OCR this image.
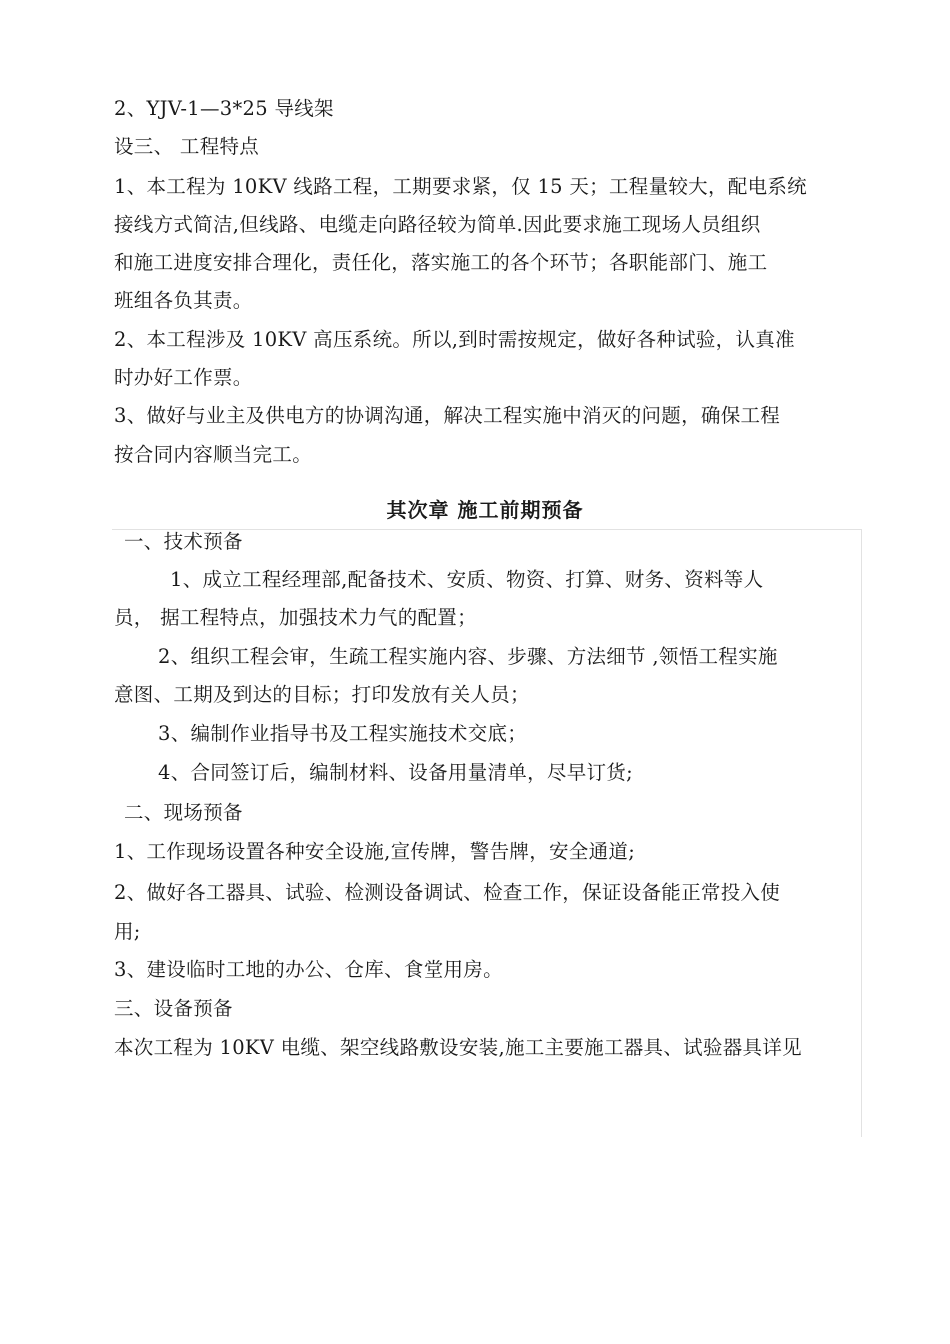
2、YJV-1—3*25 导线架
设三、 工程特点
1、本工程为 10KV 线路工程，工期要求紧，仅 15 天；工程量较大，配电系统
接线方式简洁,但线路、电缆走向路径较为简单.因此要求施工现场人员组织
和施工进度安排合理化，责任化，落实施工的各个环节；各职能部门、施工
班组各负其责。
2、本工程涉及 10KV 高压系统。所以,到时需按规定，做好各种试验，认真准
时办好工作票。
3、做好与业主及供电方的协调沟通，解决工程实施中消灭的问题，确保工程
按合同内容顺当完工。
其次章 施工前期预备
一、技术预备
1、成立工程经理部,配备技术、安质、物资、打算、财务、资料等人
员， 据工程特点，加强技术力气的配置；
2、组织工程会审，生疏工程实施内容、步骤、方法细节 ,领悟工程实施
意图、工期及到达的目标；打印发放有关人员；
3、编制作业指导书及工程实施技术交底；
4、合同签订后，编制材料、设备用量清单，尽早订货;
二、现场预备
1、工作现场设置各种安全设施,宣传牌，警告牌，安全通道;
2、做好各工器具、试验、检测设备调试、检查工作，保证设备能正常投入使
用;
3、建设临时工地的办公、仓库、食堂用房。
三、设备预备
本次工程为 10KV 电缆、架空线路敷设安装,施工主要施工器具、试验器具详见
